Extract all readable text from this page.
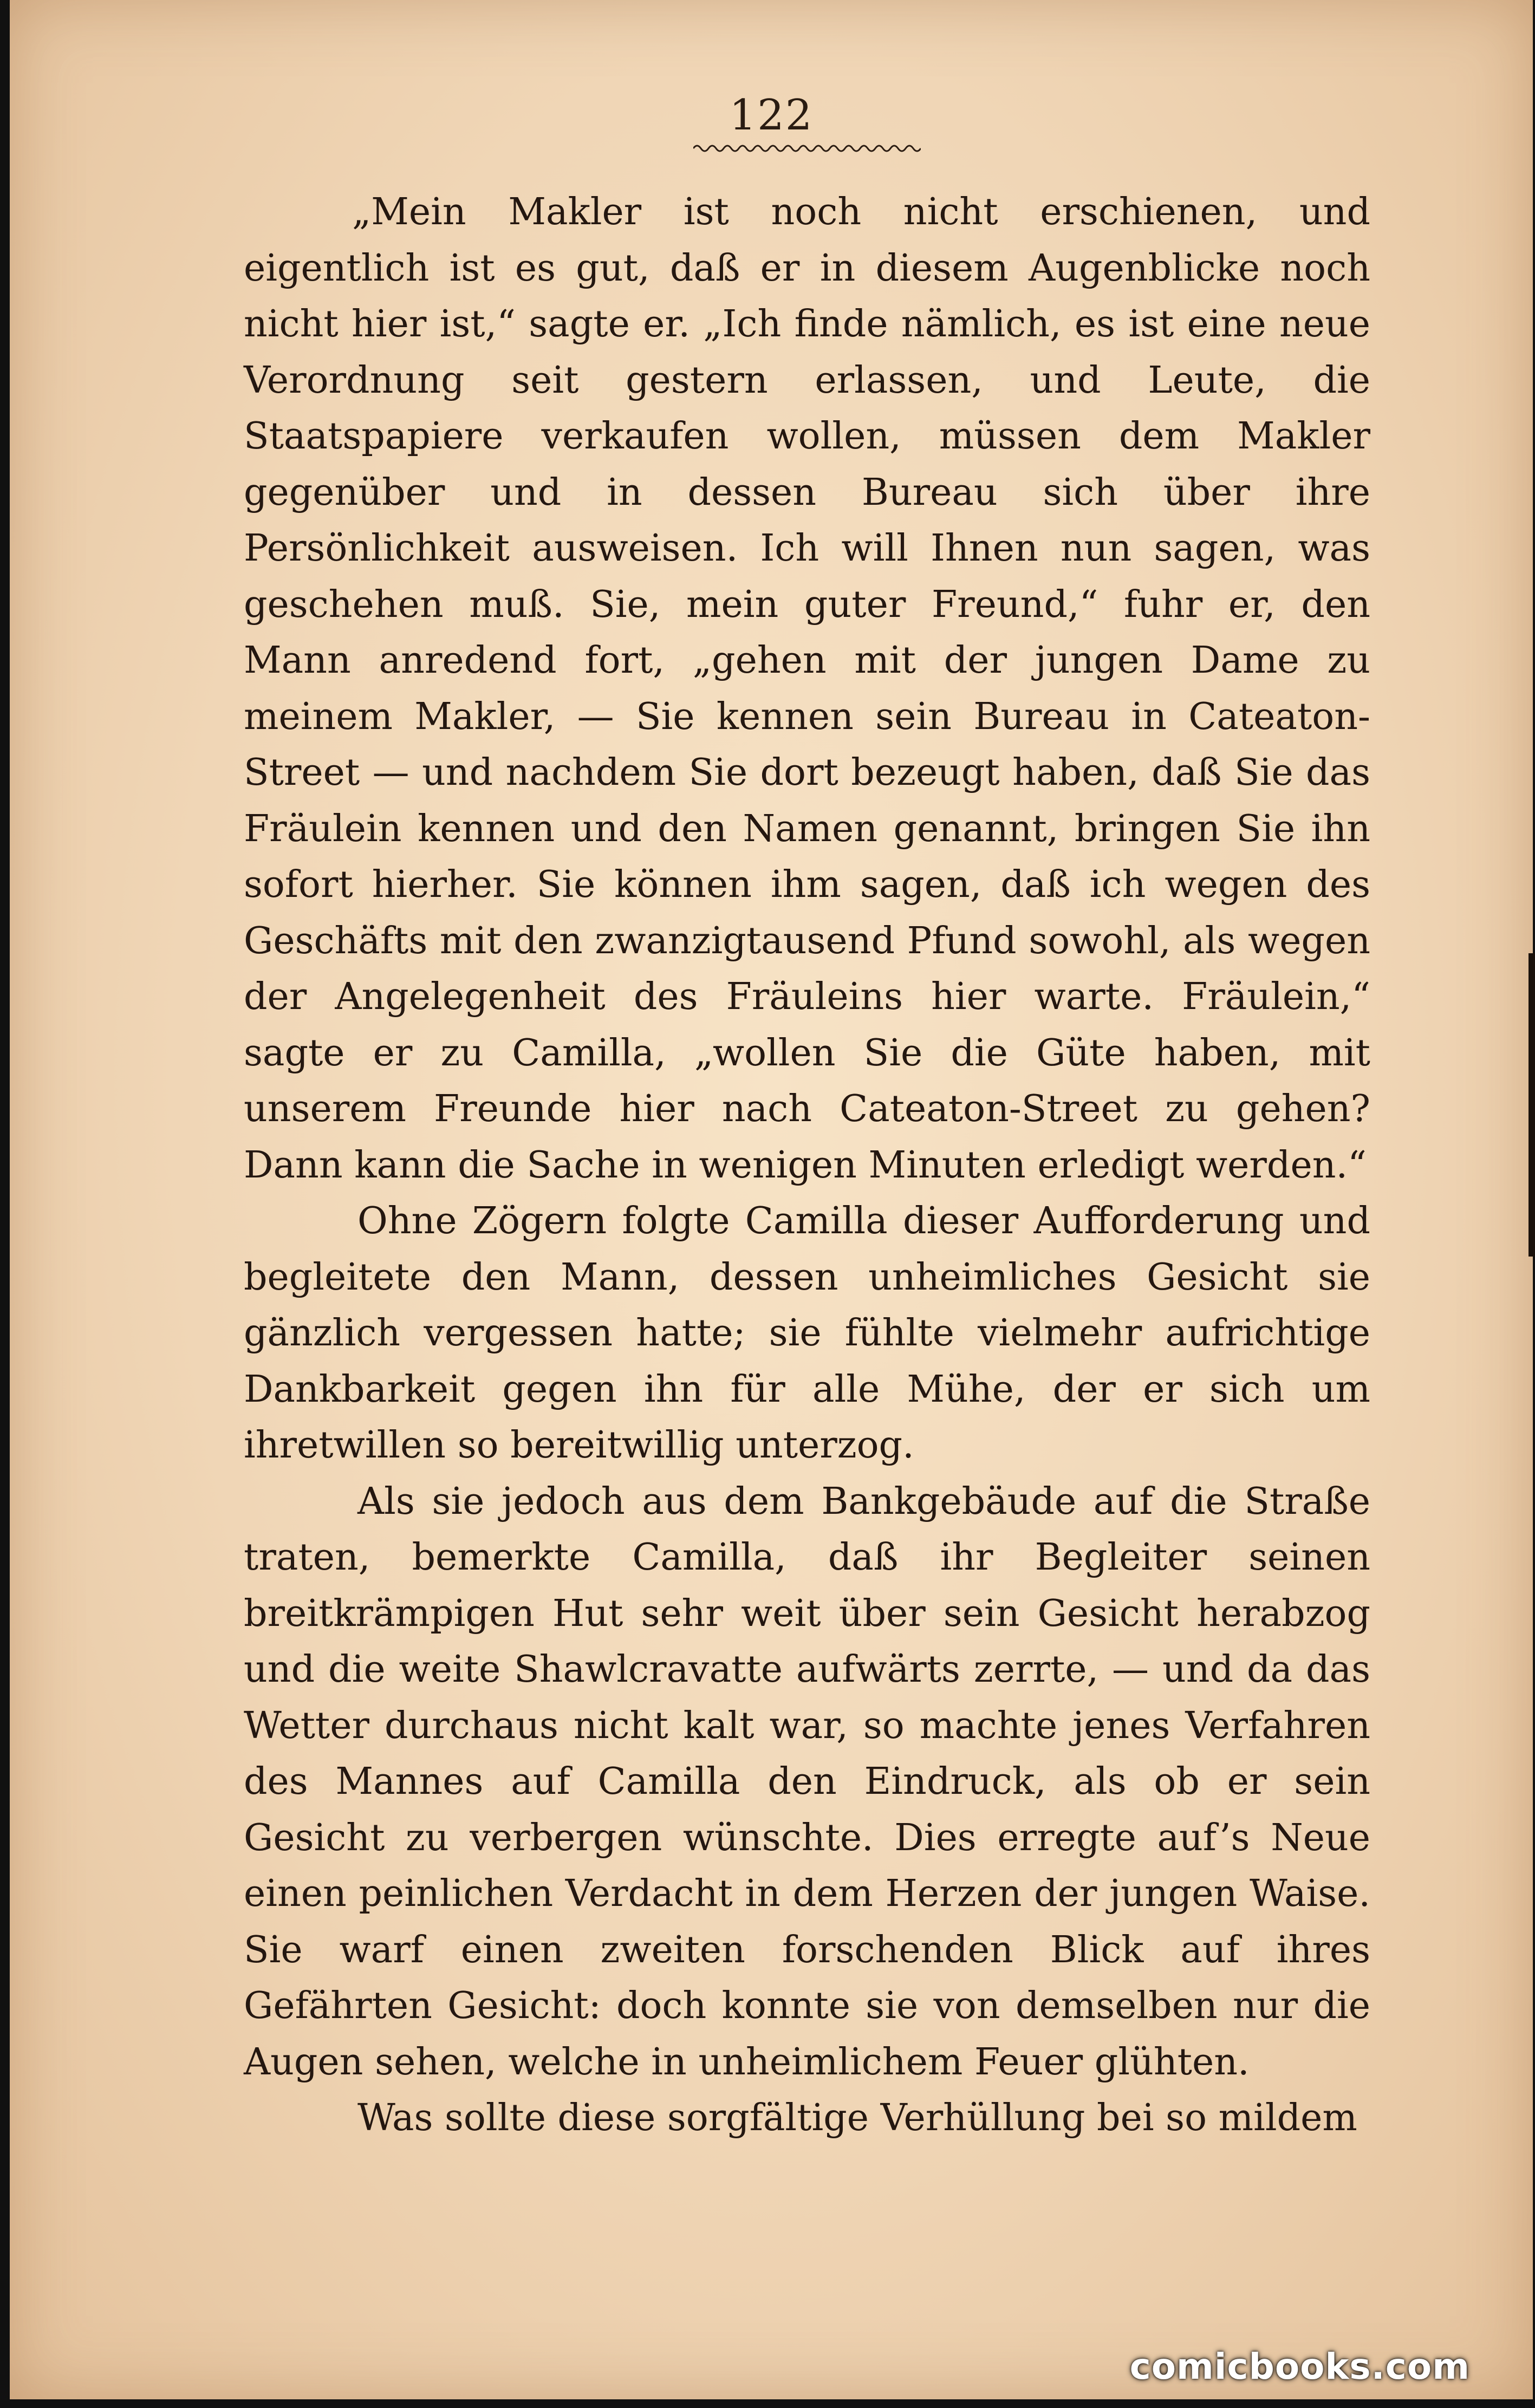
122

„Mein Makler ist noch nicht erschienen, und eigentlich ist es gut, daß er in diesem Augenblicke noch nicht hier ist,“ sagte er. „Ich finde nämlich, es ist eine neue Verordnung seit gestern erlassen, und Leute, die Staatspapiere verkaufen wollen, müssen dem Makler gegenüber und in dessen Bureau sich über ihre Persönlichkeit ausweisen. Ich will Ihnen nun sagen, was geschehen muß. Sie, mein guter Freund,“ fuhr er, den Mann anredend fort, „gehen mit der jungen Dame zu meinem Makler, — Sie kennen sein Bureau in Cateaton-Street — und nachdem Sie dort bezeugt haben, daß Sie das Fräulein kennen und den Namen genannt, bringen Sie ihn sofort hierher. Sie können ihm sagen, daß ich wegen des Geschäfts mit den zwanzigtausend Pfund sowohl, als wegen der Angelegenheit des Fräuleins hier warte. Fräulein,“ sagte er zu Camilla, „wollen Sie die Güte haben, mit unserem Freunde hier nach Cateaton-Street zu gehen? Dann kann die Sache in wenigen Minuten erledigt werden.“

Ohne Zögern folgte Camilla dieser Aufforderung und begleitete den Mann, dessen unheimliches Gesicht sie gänzlich vergessen hatte; sie fühlte vielmehr aufrichtige Dankbarkeit gegen ihn für alle Mühe, der er sich um ihretwillen so bereitwillig unterzog.

Als sie jedoch aus dem Bankgebäude auf die Straße traten, bemerkte Camilla, daß ihr Begleiter seinen breitkrämpigen Hut sehr weit über sein Gesicht herabzog und die weite Shawlcravatte aufwärts zerrte, — und da das Wetter durchaus nicht kalt war, so machte jenes Verfahren des Mannes auf Camilla den Eindruck, als ob er sein Gesicht zu verbergen wünschte. Dies erregte auf’s Neue einen peinlichen Verdacht in dem Herzen der jungen Waise. Sie warf einen zweiten forschenden Blick auf ihres Gefährten Gesicht: doch konnte sie von demselben nur die Augen sehen, welche in unheimlichem Feuer glühten.

Was sollte diese sorgfältige Verhüllung bei so mildem

comicbooks.com
